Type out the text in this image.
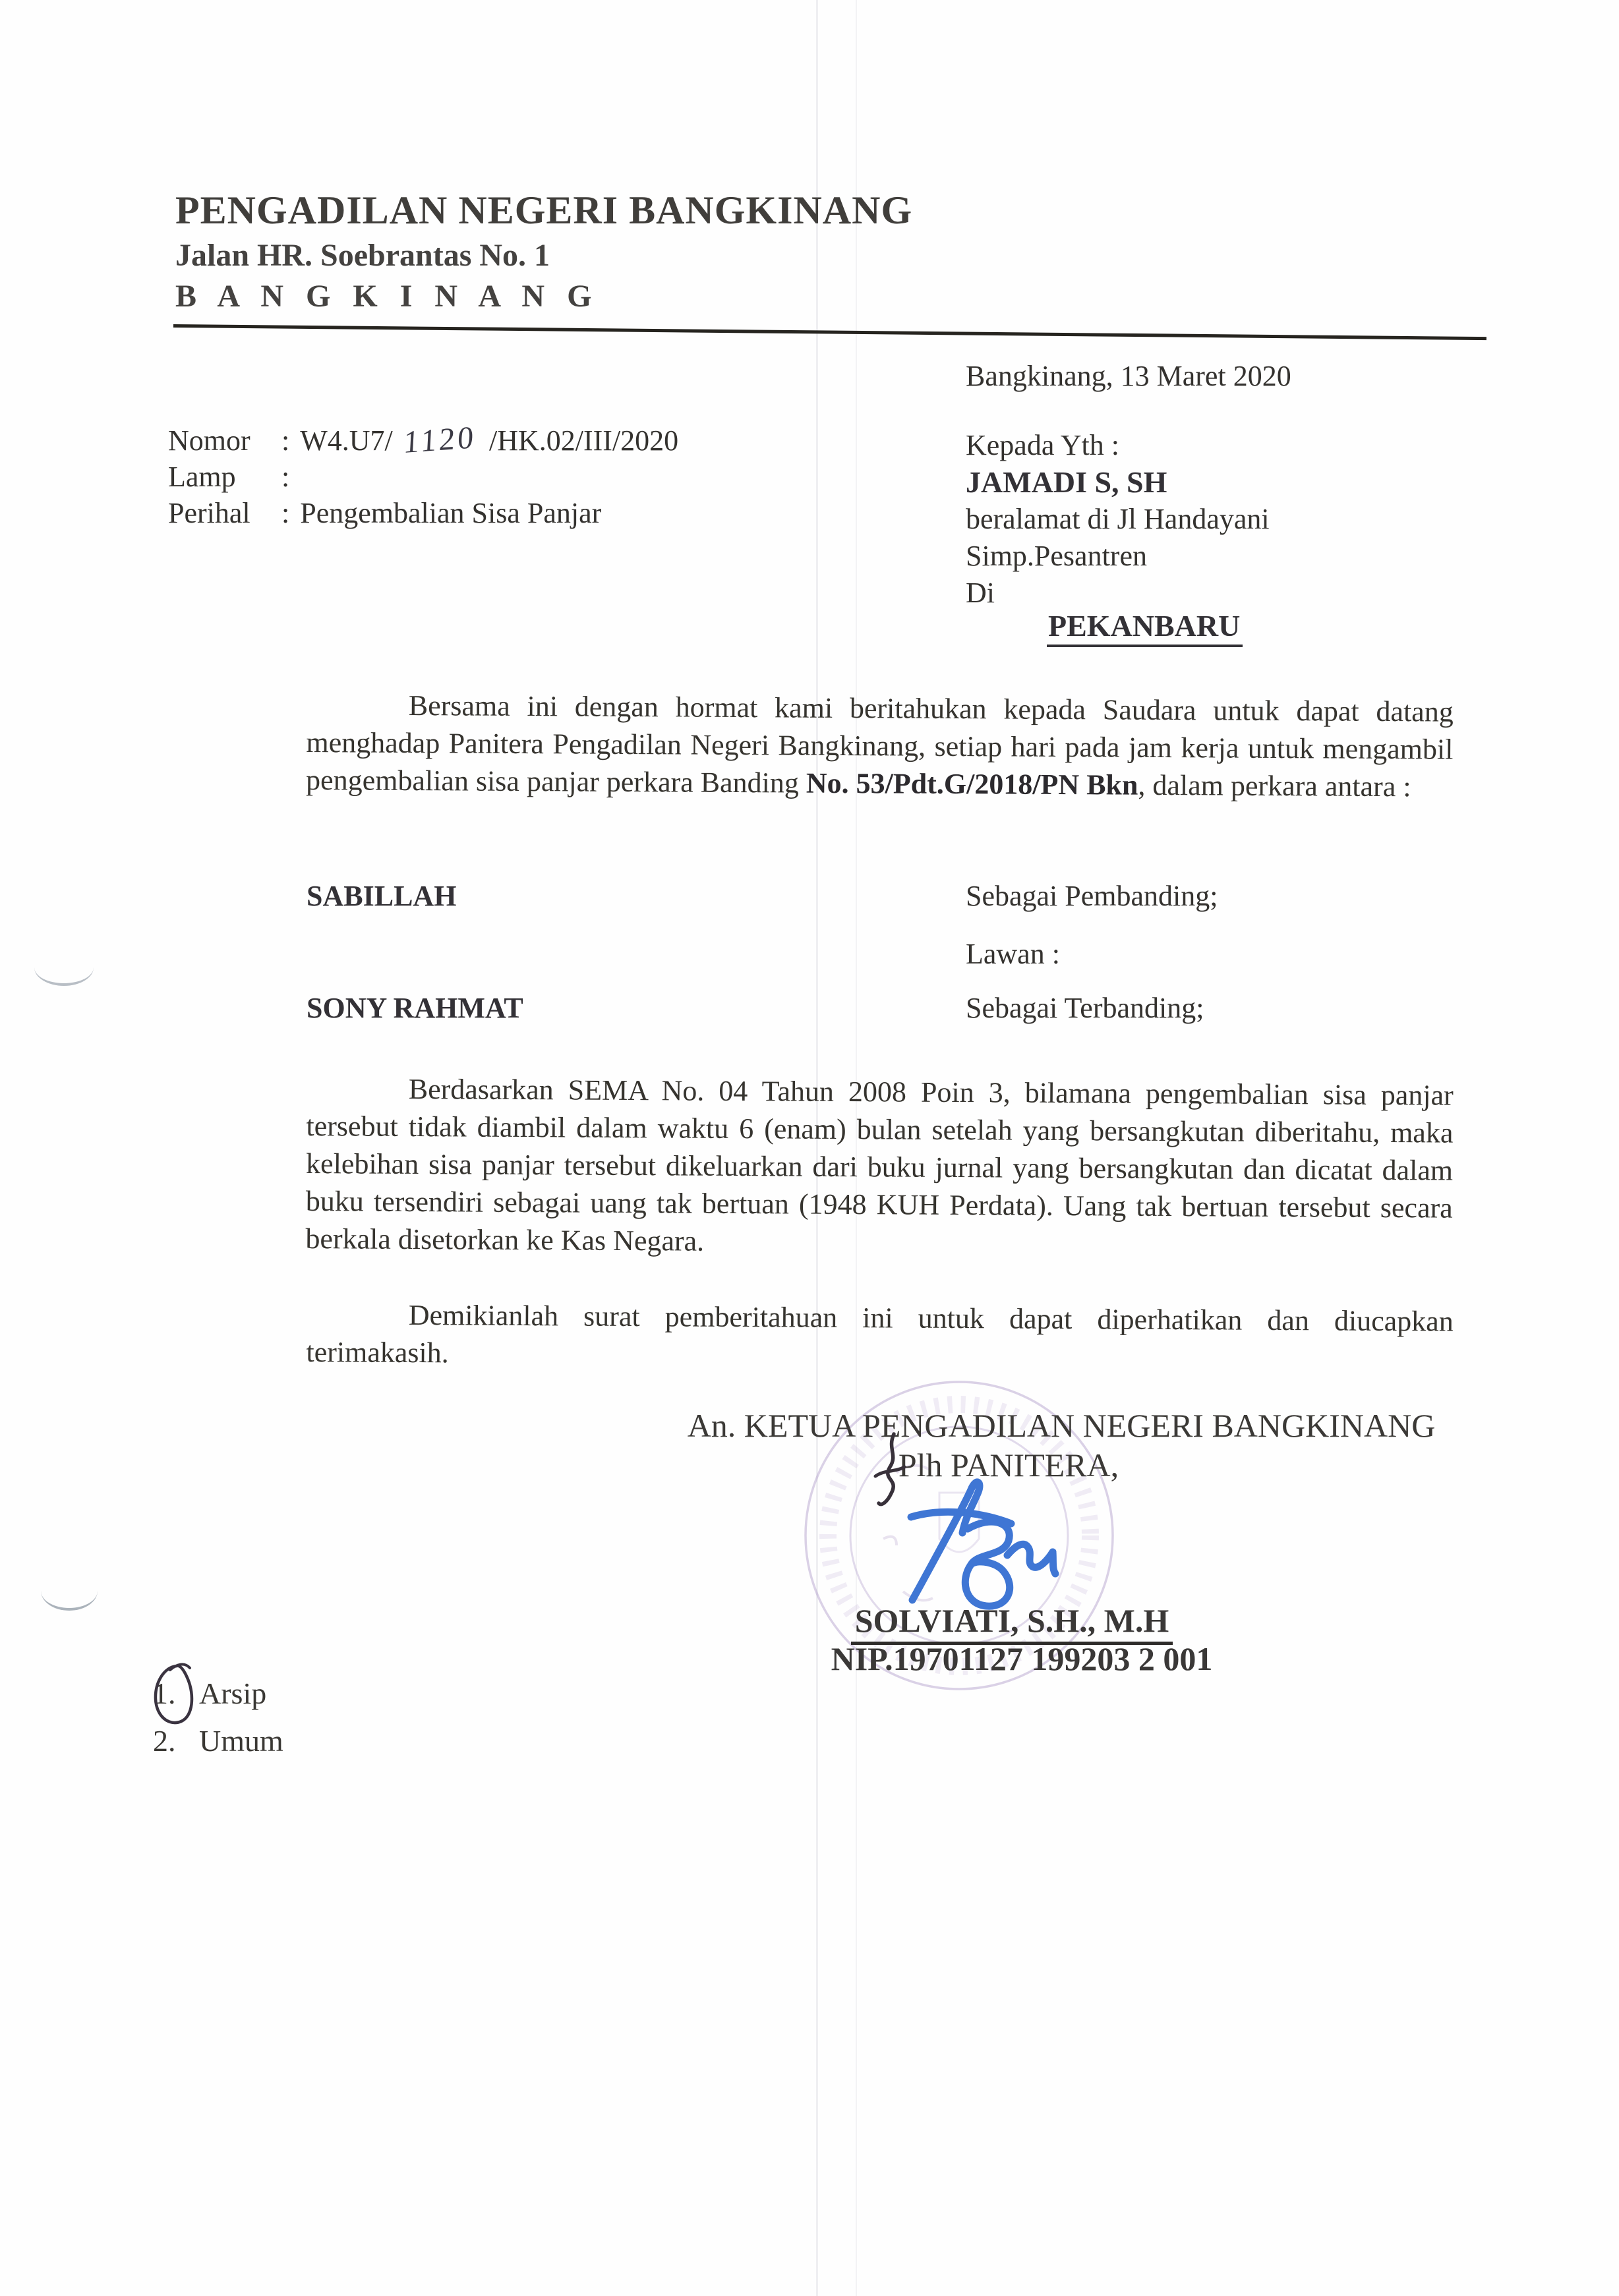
PENGADILAN NEGERI BANGKINANG
Jalan HR. Soebrantas No. 1
B A N G K I N A N G
Bangkinang, 13 Maret 2020
Nomor : W4.U7/ 1120 /HK.02/III/2020
Lamp :
Perihal : Pengembalian Sisa Panjar
Kepada Yth :
JAMADI S, SH
beralamat di Jl Handayani
Simp.Pesantren
Di
PEKANBARU
Bersama ini dengan hormat kami beritahukan kepada Saudara untuk dapat datang menghadap Panitera Pengadilan Negeri Bangkinang, setiap hari pada jam kerja untuk mengambil pengembalian sisa panjar perkara Banding No. 53/Pdt.G/2018/PN Bkn, dalam perkara antara :
SABILLAH	Sebagai Pembanding;
Lawan :
SONY RAHMAT	Sebagai Terbanding;
Berdasarkan SEMA No. 04 Tahun 2008 Poin 3, bilamana pengembalian sisa panjar tersebut tidak diambil dalam waktu 6 (enam) bulan setelah yang bersangkutan diberitahu, maka kelebihan sisa panjar tersebut dikeluarkan dari buku jurnal yang bersangkutan dan dicatat dalam buku tersendiri sebagai uang tak bertuan (1948 KUH Perdata). Uang tak bertuan tersebut secara berkala disetorkan ke Kas Negara.
Demikianlah surat pemberitahuan ini untuk dapat diperhatikan dan diucapkan terimakasih.
An. KETUA PENGADILAN NEGERI BANGKINANG
Plh PANITERA,
SOLVIATI, S.H., M.H
NIP.19701127 199203 2 001
1. Arsip
2. Umum
